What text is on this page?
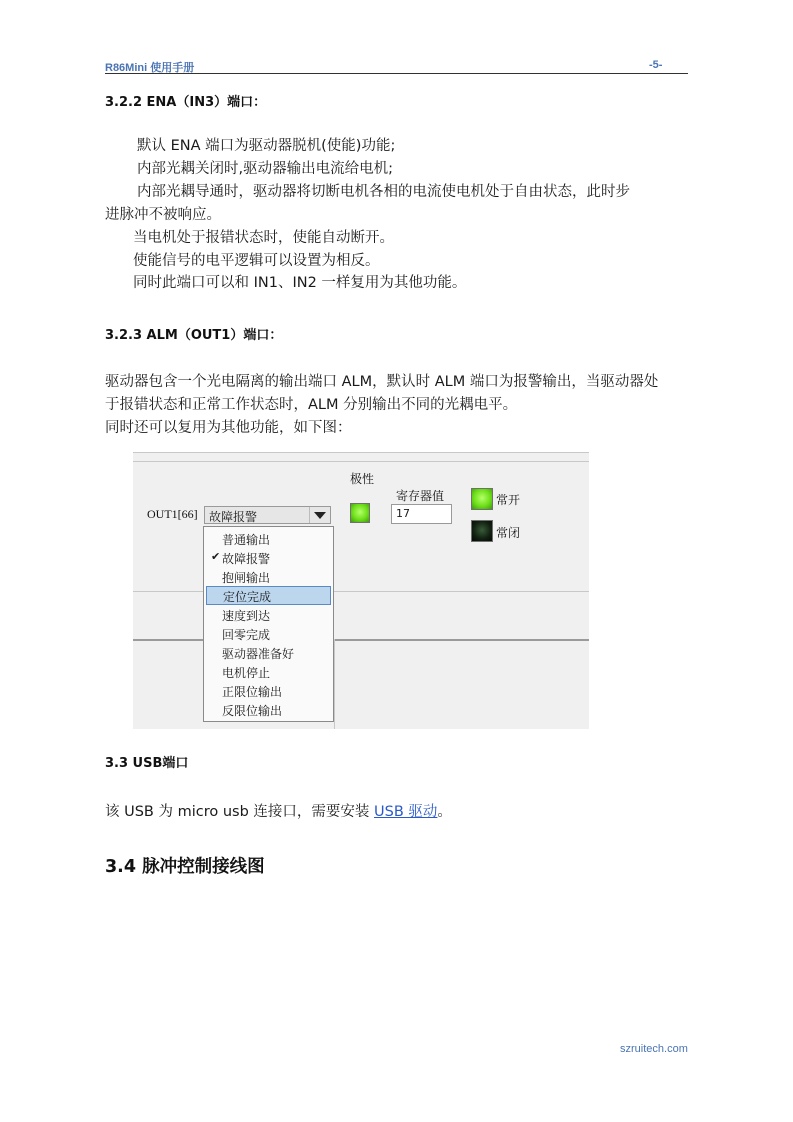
R86Mini 使用手册	-5-
3.2.2 ENA（IN3）端口：
默认 ENA 端口为驱动器脱机(使能)功能;
内部光耦关闭时,驱动器输出电流给电机;
内部光耦导通时，驱动器将切断电机各相的电流使电机处于自由状态，此时步
进脉冲不被响应。
当电机处于报错状态时，使能自动断开。
使能信号的电平逻辑可以设置为相反。
同时此端口可以和 IN1、IN2 一样复用为其他功能。
3.2.3 ALM（OUT1）端口：
驱动器包含一个光电隔离的输出端口 ALM，默认时 ALM 端口为报警输出，当驱动器处
于报错状态和正常工作状态时，ALM 分别输出不同的光耦电平。
同时还可以复用为其他功能，如下图：
极性
寄存器值
OUT1[66] 故障报警	17
常开
常闭
普通输出
✔ 故障报警
抱闸输出
定位完成
速度到达
回零完成
驱动器准备好
电机停止
正限位输出
反限位输出
3.3 USB端口
该 USB 为 micro usb 连接口，需要安装 USB 驱动。
3.4 脉冲控制接线图
szruitech.com
